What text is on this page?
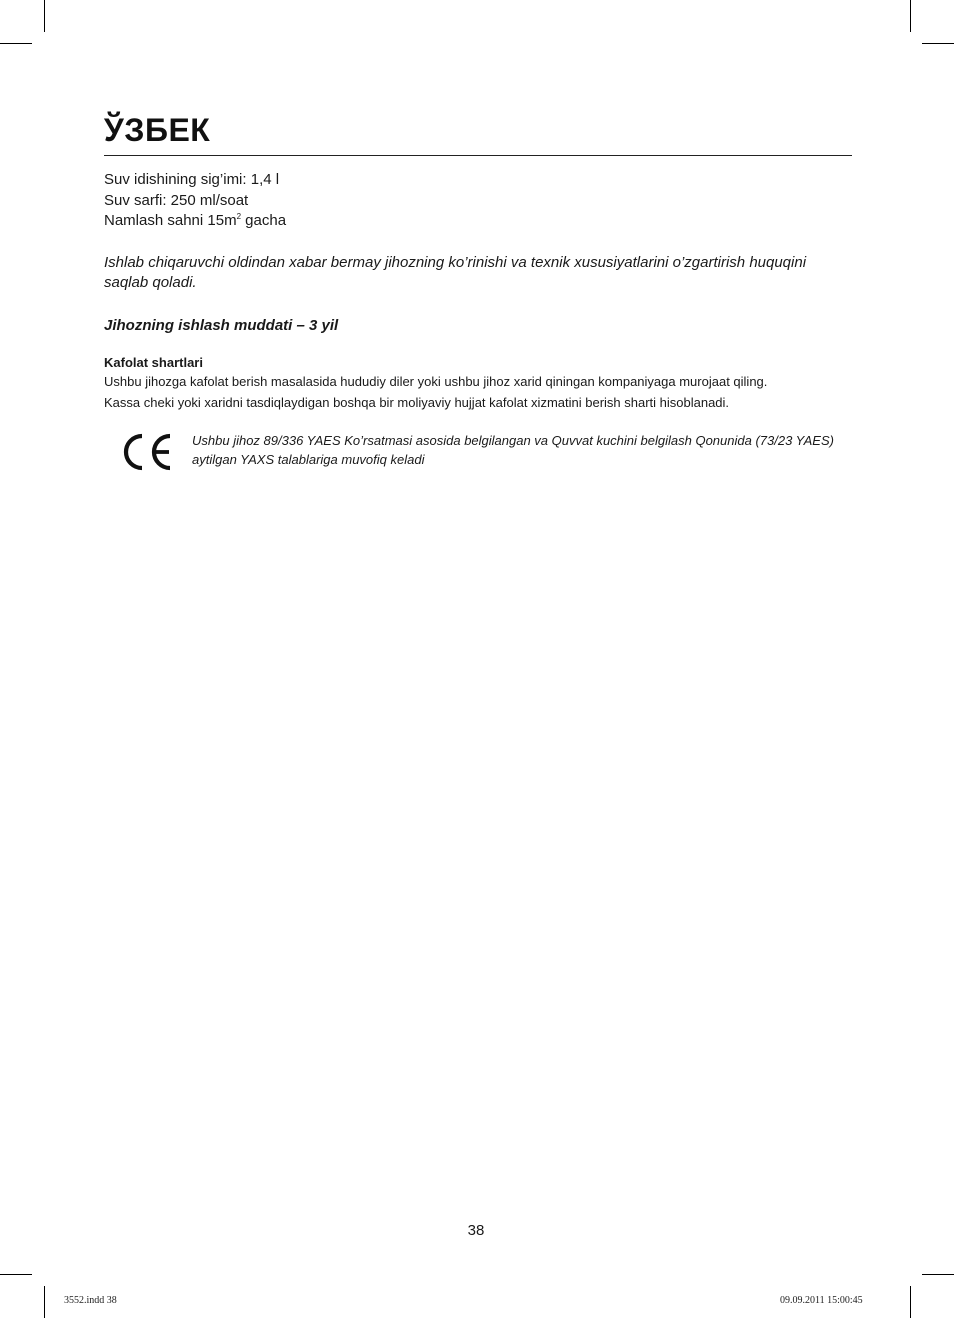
ЎЗБЕК
Suv idishining sig’imi: 1,4 l
Suv sarfi: 250 ml/soat
Namlash sahni $15m^2$ gacha

Ishlab chiqaruvchi oldindan xabar bermay jihozning ko’rinishi va texnik xususiyatlarini o’zgartirish huquqini saqlab qoladi.

Jihozning ishlash muddati – 3 yil

Kafolat shartlari

Ushbu jihozga kafolat berish masalasida hududiy diler yoki ushbu jihoz xarid qiningan kompaniyaga murojaat qiling.
Kassa cheki yoki xaridni tasdiqlaydigan boshqa bir moliyaviy hujjat kafolat xizmatini berish sharti hisoblanadi.

Ushbu jihoz 89/336 YAES Ko’rsatmasi asosida belgilangan va Quvvat kuchini belgilash Qonunida (73/23 YAES) aytilgan YAXS talablariga muvofiq keladi

38
3552.indd 38	09.09.2011 15:00:45
